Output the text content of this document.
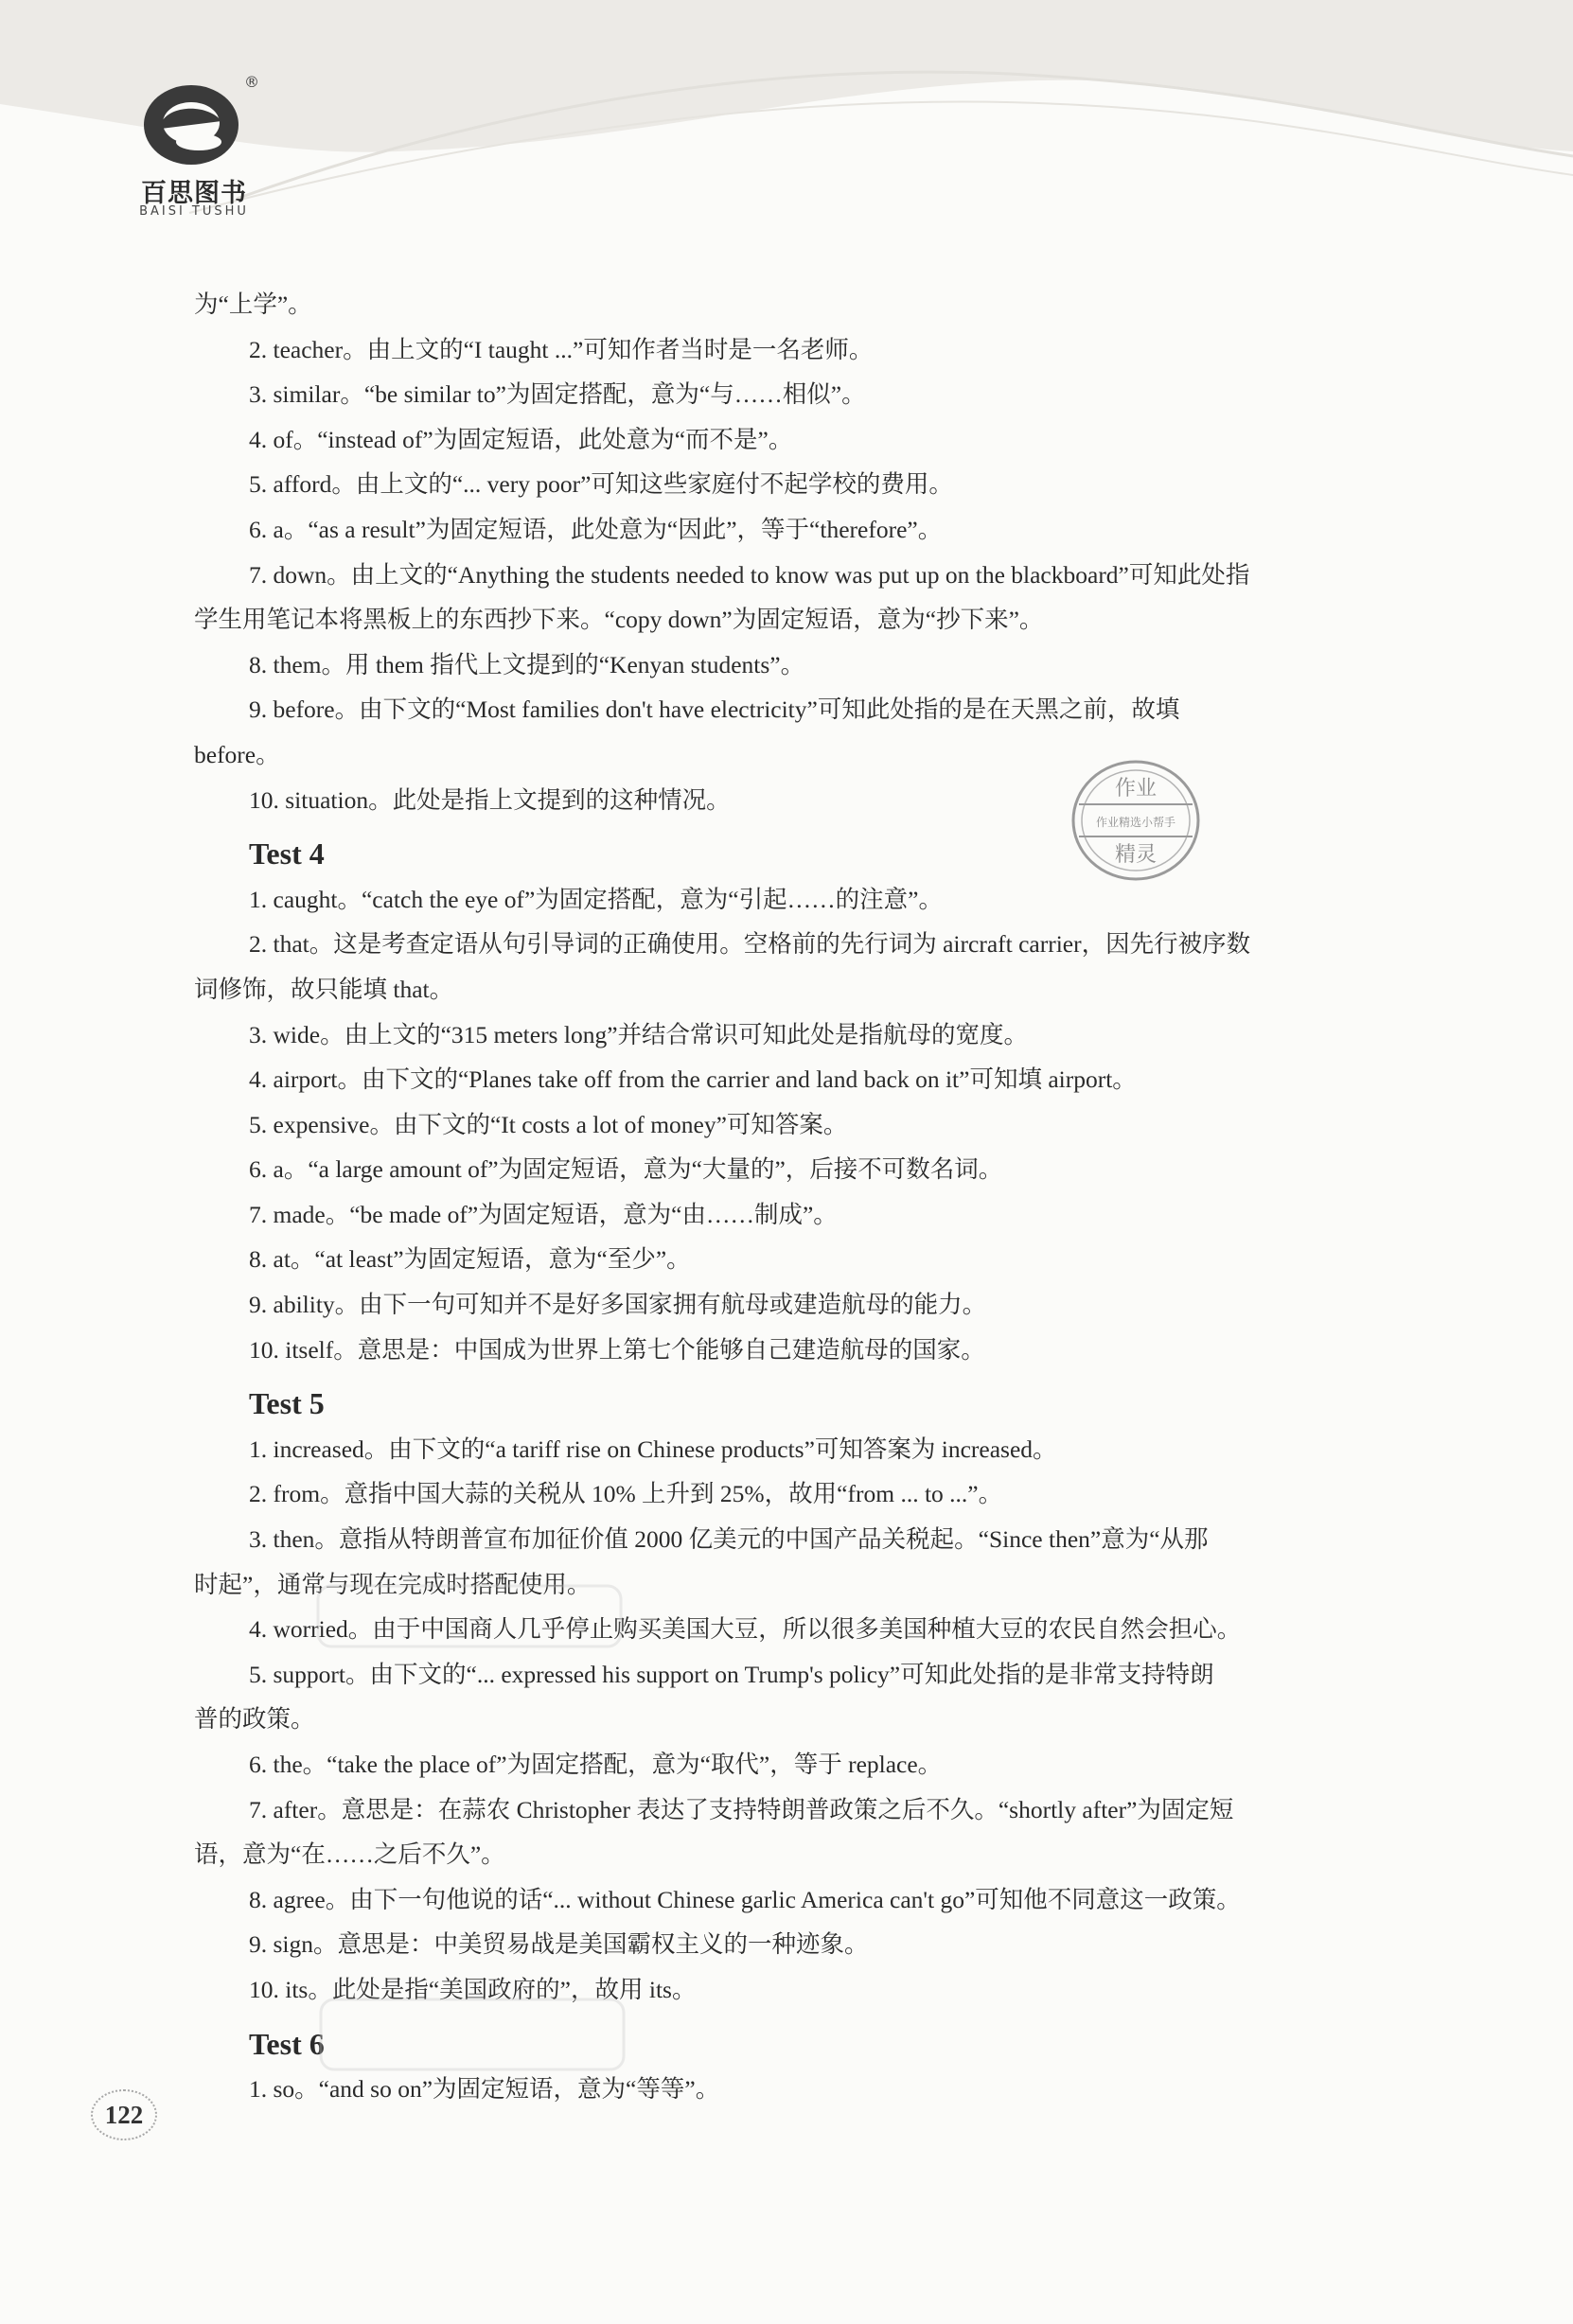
®
百思图书
BAISI TUSHU
为“上学”。
2. teacher。由上文的“I taught ...”可知作者当时是一名老师。
3. similar。“be similar to”为固定搭配，意为“与……相似”。
4. of。“instead of”为固定短语，此处意为“而不是”。
5. afford。由上文的“... very poor”可知这些家庭付不起学校的费用。
6. a。“as a result”为固定短语，此处意为“因此”，等于“therefore”。
7. down。由上文的“Anything the students needed to know was put up on the blackboard”可知此处指
学生用笔记本将黑板上的东西抄下来。“copy down”为固定短语，意为“抄下来”。
8. them。用 them 指代上文提到的“Kenyan students”。
9. before。由下文的“Most families don't have electricity”可知此处指的是在天黑之前，故填
before。
10. situation。此处是指上文提到的这种情况。
Test 4
1. caught。“catch the eye of”为固定搭配，意为“引起……的注意”。
2. that。这是考查定语从句引导词的正确使用。空格前的先行词为 aircraft carrier，因先行被序数
词修饰，故只能填 that。
3. wide。由上文的“315 meters long”并结合常识可知此处是指航母的宽度。
4. airport。由下文的“Planes take off from the carrier and land back on it”可知填 airport。
5. expensive。由下文的“It costs a lot of money”可知答案。
6. a。“a large amount of”为固定短语，意为“大量的”，后接不可数名词。
7. made。“be made of”为固定短语，意为“由……制成”。
8. at。“at least”为固定短语，意为“至少”。
9. ability。由下一句可知并不是好多国家拥有航母或建造航母的能力。
10. itself。意思是：中国成为世界上第七个能够自己建造航母的国家。
Test 5
1. increased。由下文的“a tariff rise on Chinese products”可知答案为 increased。
2. from。意指中国大蒜的关税从 10% 上升到 25%，故用“from ... to ...”。
3. then。意指从特朗普宣布加征价值 2000 亿美元的中国产品关税起。“Since then”意为“从那
时起”，通常与现在完成时搭配使用。
4. worried。由于中国商人几乎停止购买美国大豆，所以很多美国种植大豆的农民自然会担心。
5. support。由下文的“... expressed his support on Trump's policy”可知此处指的是非常支持特朗
普的政策。
6. the。“take the place of”为固定搭配，意为“取代”，等于 replace。
7. after。意思是：在蒜农 Christopher 表达了支持特朗普政策之后不久。“shortly after”为固定短
语，意为“在……之后不久”。
8. agree。由下一句他说的话“... without Chinese garlic America can't go”可知他不同意这一政策。
9. sign。意思是：中美贸易战是美国霸权主义的一种迹象。
10. its。此处是指“美国政府的”，故用 its。
Test 6
1. so。“and so on”为固定短语，意为“等等”。
作业
作业精选小帮手
精灵
122
